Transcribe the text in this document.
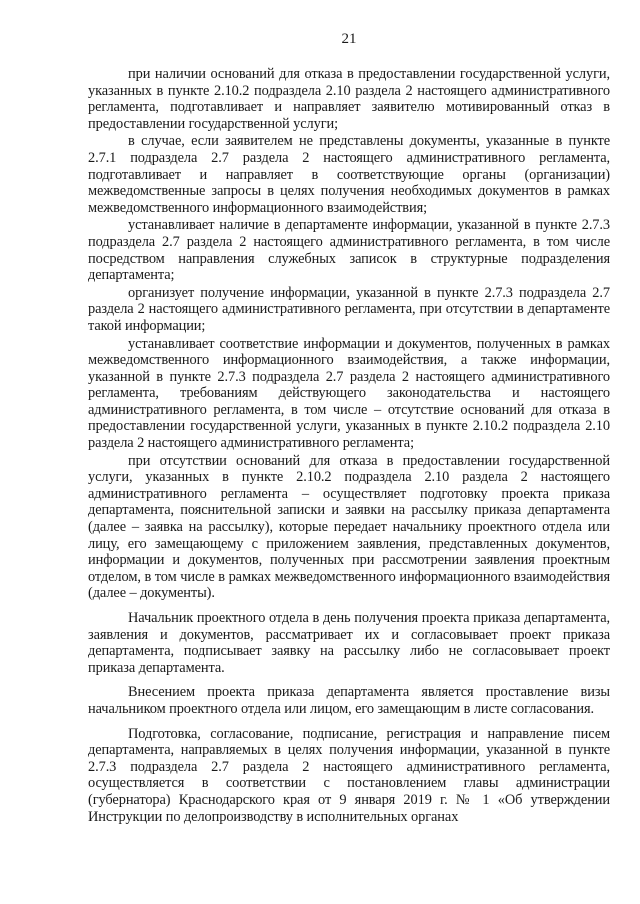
21

при наличии оснований для отказа в предоставлении государственной услуги, указанных в пункте 2.10.2 подраздела 2.10 раздела 2 настоящего административного регламента, подготавливает и направляет заявителю мотивированный отказ в предоставлении государственной услуги;

в случае, если заявителем не представлены документы, указанные в пункте 2.7.1 подраздела 2.7 раздела 2 настоящего административного регламента, подготавливает и направляет в соответствующие органы (организации) межведомственные запросы в целях получения необходимых документов в рамках межведомственного информационного взаимодействия;

устанавливает наличие в департаменте информации, указанной в пункте 2.7.3 подраздела 2.7 раздела 2 настоящего административного регламента, в том числе посредством направления служебных записок в структурные подразделения департамента;

организует получение информации, указанной в пункте 2.7.3 подраздела 2.7 раздела 2 настоящего административного регламента, при отсутствии в департаменте такой информации;

устанавливает соответствие информации и документов, полученных в рамках межведомственного информационного взаимодействия, а также информации, указанной в пункте 2.7.3 подраздела 2.7 раздела 2 настоящего административного регламента, требованиям действующего законодательства и настоящего административного регламента, в том числе – отсутствие оснований для отказа в предоставлении государственной услуги, указанных в пункте 2.10.2 подраздела 2.10 раздела 2 настоящего административного регламента;

при отсутствии оснований для отказа в предоставлении государственной услуги, указанных в пункте 2.10.2 подраздела 2.10 раздела 2 настоящего административного регламента – осуществляет подготовку проекта приказа департамента, пояснительной записки и заявки на рассылку приказа департамента (далее – заявка на рассылку), которые передает начальнику проектного отдела или лицу, его замещающему с приложением заявления, представленных документов, информации и документов, полученных при рассмотрении заявления проектным отделом, в том числе в рамках межведомственного информационного взаимодействия (далее – документы).

Начальник проектного отдела в день получения проекта приказа департамента, заявления и документов, рассматривает их и согласовывает проект приказа департамента, подписывает заявку на рассылку либо не согласовывает проект приказа департамента.

Внесением проекта приказа департамента является проставление визы начальником проектного отдела или лицом, его замещающим в листе согласования.

Подготовка, согласование, подписание, регистрация и направление писем департамента, направляемых в целях получения информации, указанной в пункте 2.7.3 подраздела 2.7 раздела 2 настоящего административного регламента, осуществляется в соответствии с постановлением главы администрации (губернатора) Краснодарского края от 9 января 2019 г. № 1 «Об утверждении Инструкции по делопроизводству в исполнительных органах
